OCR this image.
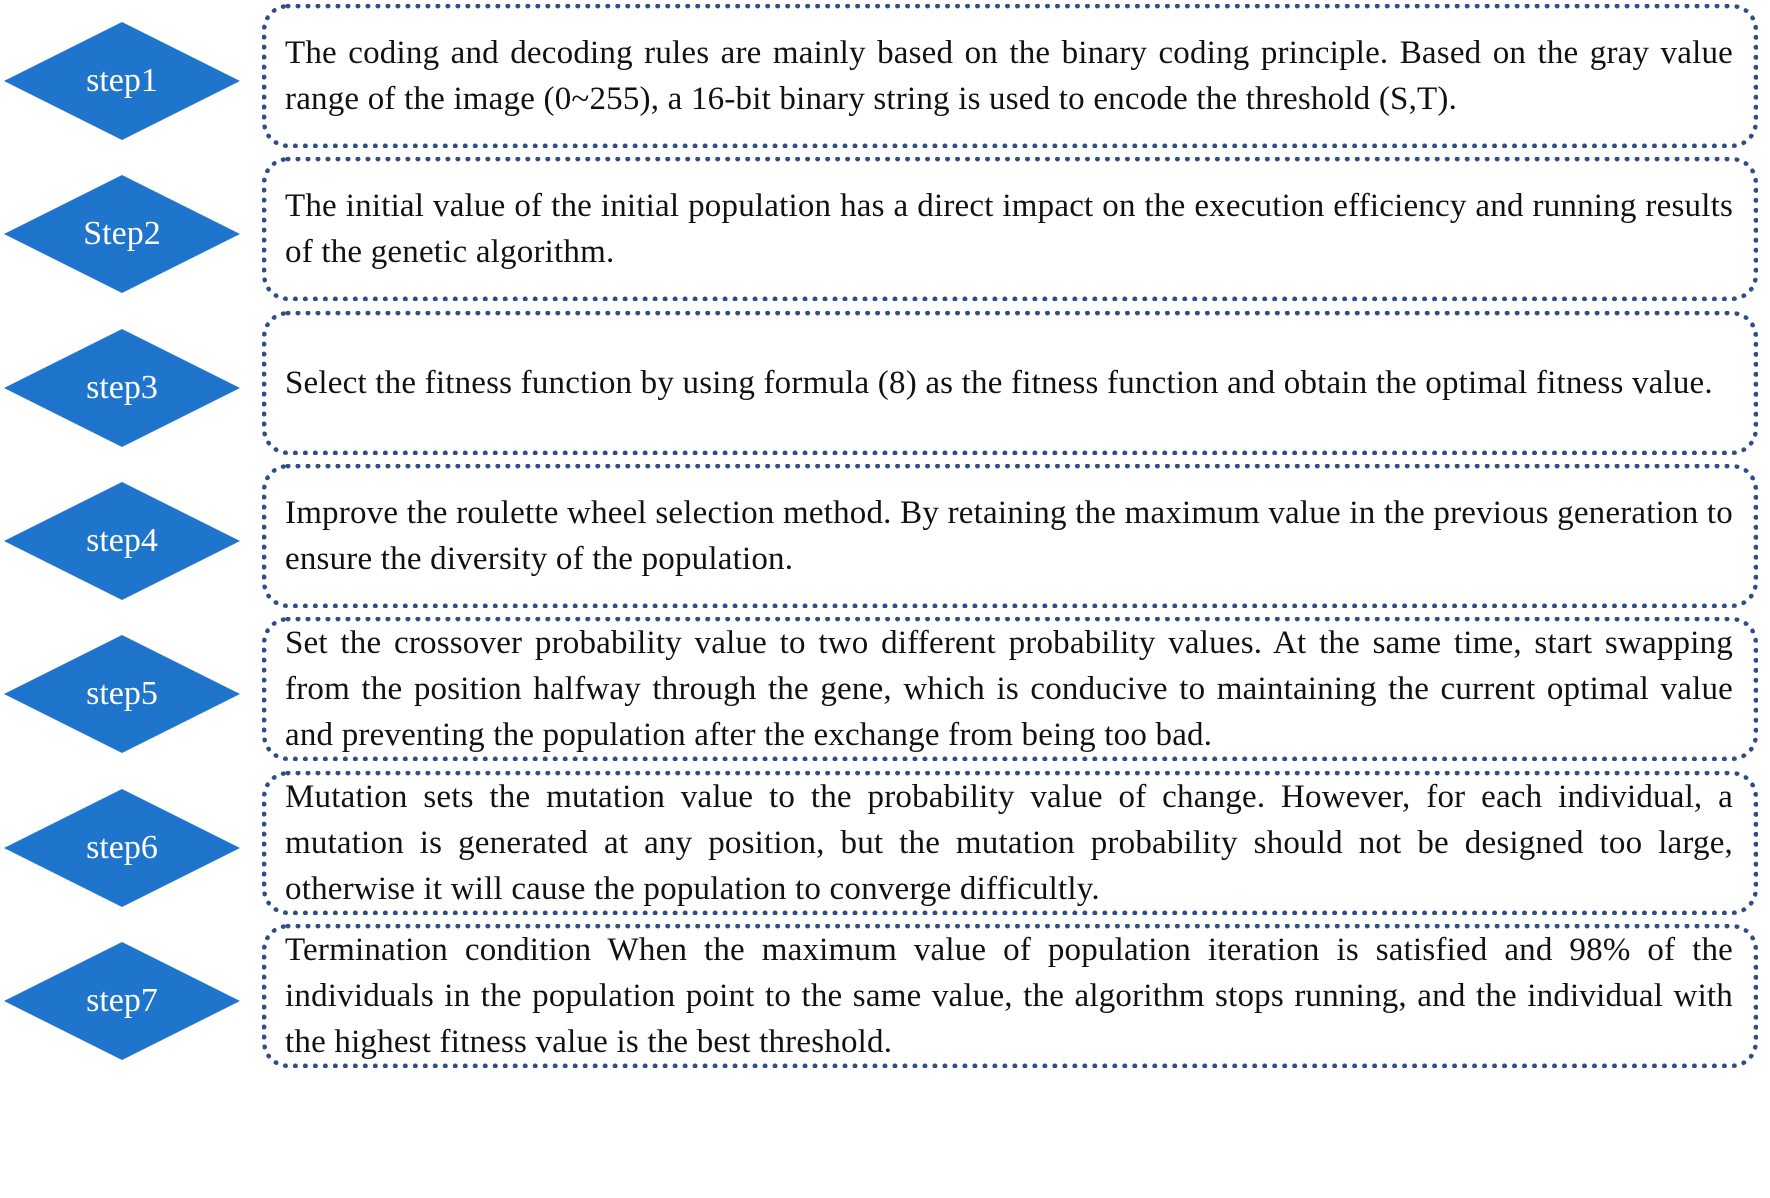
step1
The coding and decoding rules are mainly based on the binary coding principle. Based on the gray value range of the image (0~255), a 16-bit binary string is used to encode the threshold (S,T).
Step2
The initial value of the initial population has a direct impact on the execution efficiency and running results of the genetic algorithm.
step3	Select the fitness function by using formula (8) as the fitness function and obtain the optimal fitness value.
step4
Improve the roulette wheel selection method. By retaining the maximum value in the previous generation to ensure the diversity of the population.
step5
Set the crossover probability value to two different probability values. At the same time, start swapping from the position halfway through the gene, which is conducive to maintaining the current optimal value and preventing the population after the exchange from being too bad.
step6
Mutation sets the mutation value to the probability value of change. However, for each individual, a mutation is generated at any position, but the mutation probability should not be designed too large, otherwise it will cause the population to converge difficultly.
step7
Termination condition When the maximum value of population iteration is satisfied and 98% of the individuals in the population point to the same value, the algorithm stops running, and the individual with the highest fitness value is the best threshold.
